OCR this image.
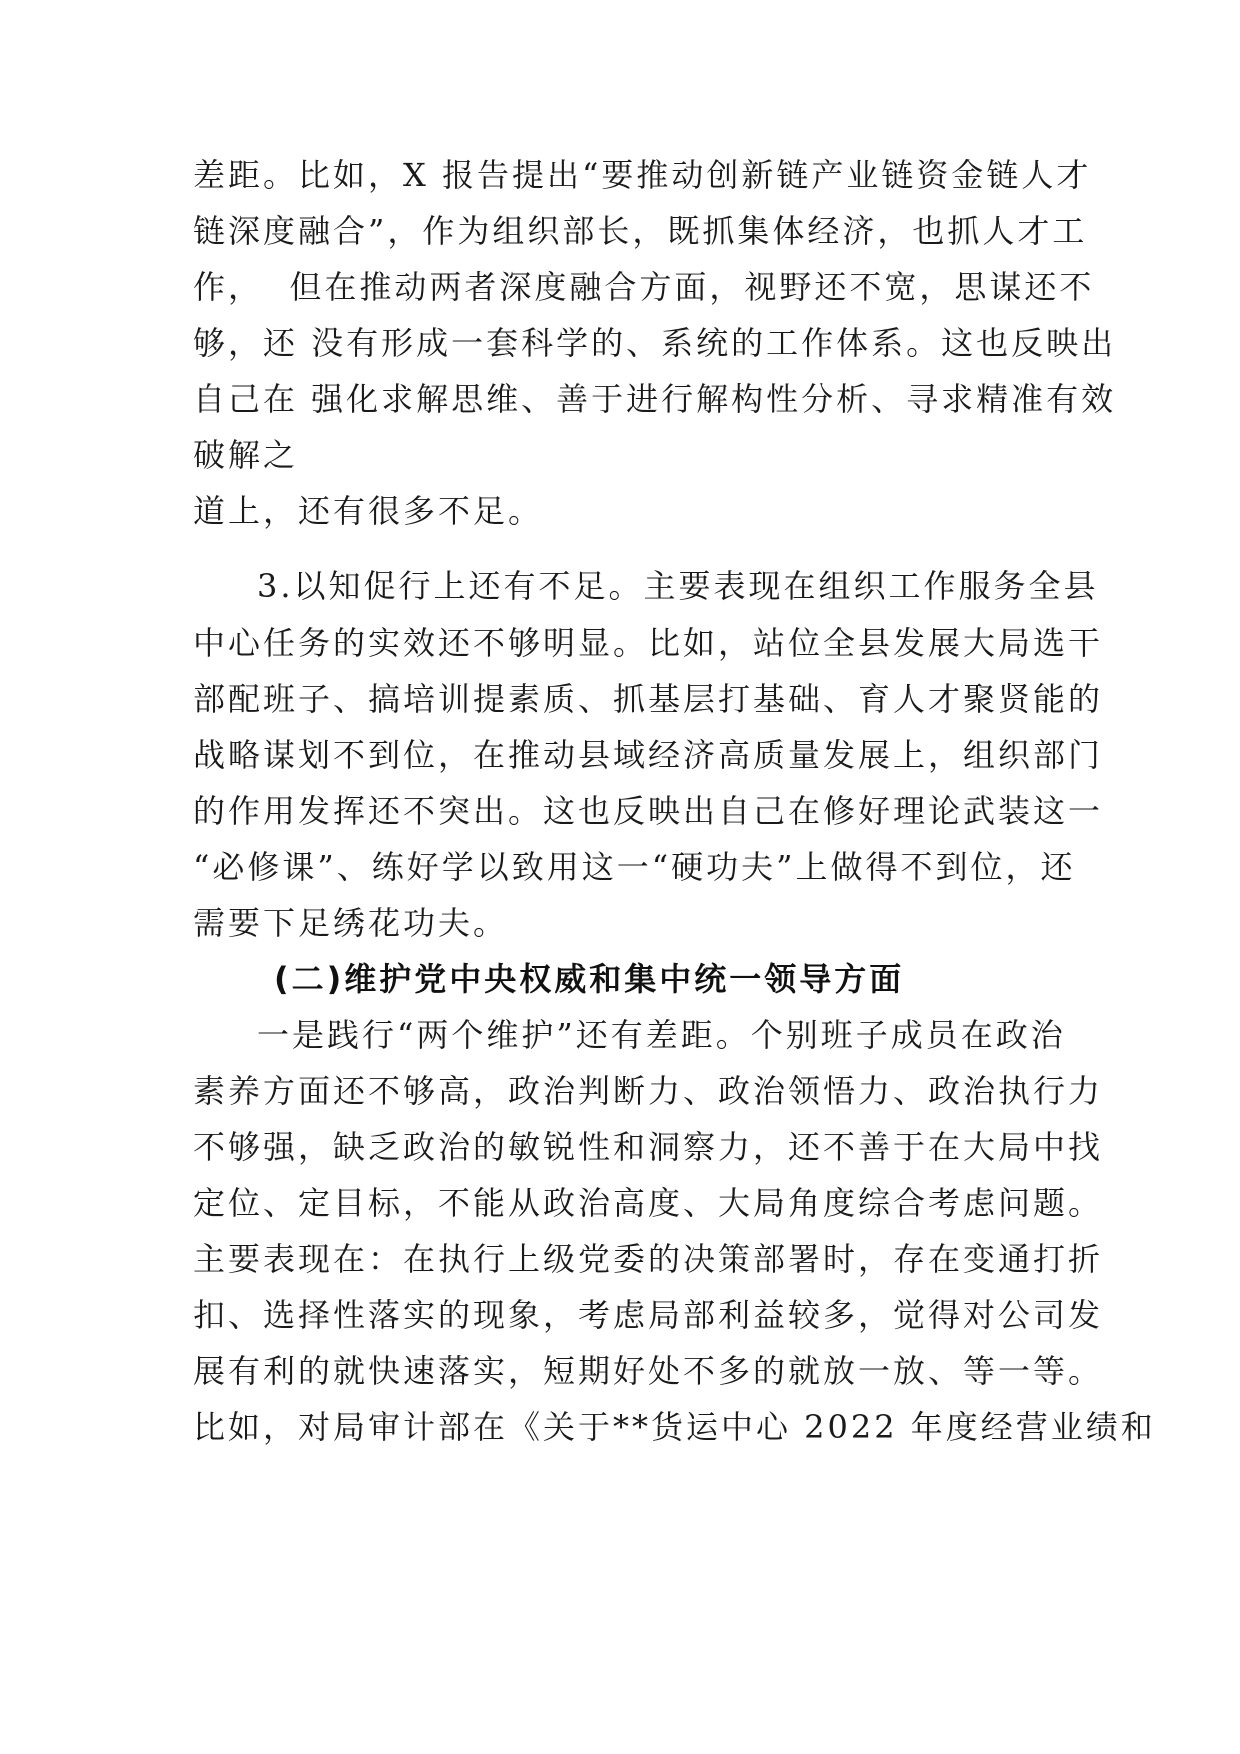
差距。比如，X 报告提出“要推动创新链产业链资金链人才
链深度融合”，作为组织部长，既抓集体经济，也抓人才工
作，  但在推动两者深度融合方面，视野还不宽，思谋还不
够，还 没有形成一套科学的、系统的工作体系。这也反映出
自己在 强化求解思维、善于进行解构性分析、寻求精准有效
破解之
道上，还有很多不足。
3.以知促行上还有不足。主要表现在组织工作服务全县
中心任务的实效还不够明显。比如，站位全县发展大局选干
部配班子、搞培训提素质、抓基层打基础、育人才聚贤能的
战略谋划不到位，在推动县域经济高质量发展上，组织部门
的作用发挥还不突出。这也反映出自己在修好理论武装这一
“必修课”、练好学以致用这一“硬功夫”上做得不到位，还
需要下足绣花功夫。
(二)维护党中央权威和集中统一领导方面
一是践行“两个维护”还有差距。个别班子成员在政治
素养方面还不够高，政治判断力、政治领悟力、政治执行力
不够强，缺乏政治的敏锐性和洞察力，还不善于在大局中找
定位、定目标，不能从政治高度、大局角度综合考虑问题。
主要表现在：在执行上级党委的决策部署时，存在变通打折
扣、选择性落实的现象，考虑局部利益较多，觉得对公司发
展有利的就快速落实，短期好处不多的就放一放、等一等。
比如，对局审计部在《关于**货运中心 2022 年度经营业绩和
